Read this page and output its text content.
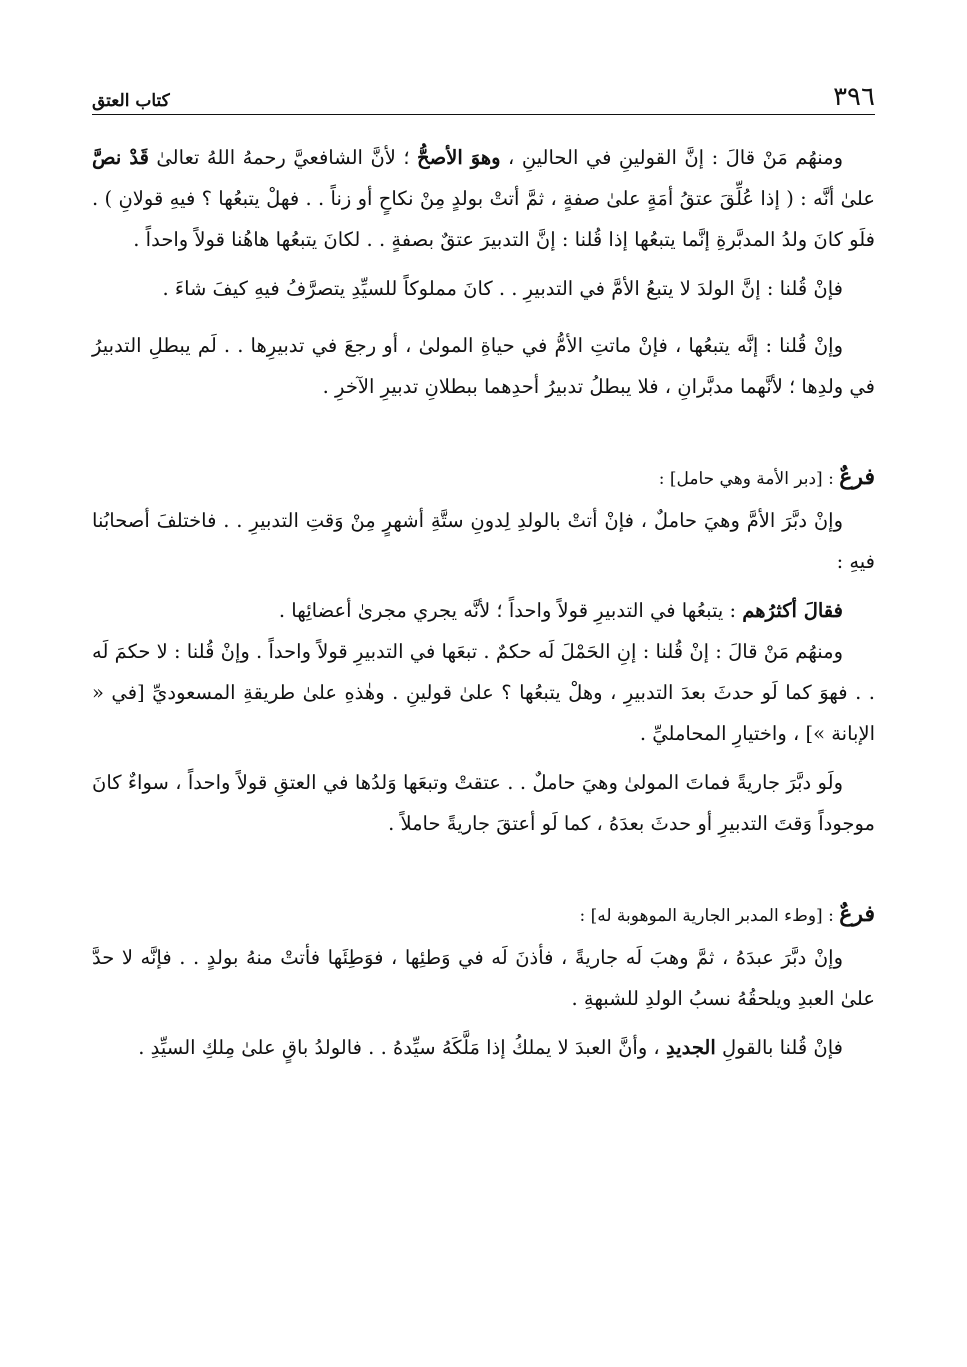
٣٩٦
كتاب العتق

ومنهُم مَنْ قالَ : إنَّ القولينِ في الحالينِ ، وهوَ الأصحُّ ؛ لأنَّ الشافعيَّ رحمهُ اللهُ تعالىٰ قَدْ نصَّ علىٰ أنَّه : ( إذا عُلِّقَ عتقُ أمَةٍ علىٰ صفةٍ ، ثمَّ أتتْ بولدٍ مِنْ نكاحٍ أو زناً . . فهلْ يتبعُها ؟ فيهِ قولانِ ) . فلَو كانَ ولدُ المدبَّرةِ إنَّما يتبعُها إذا قُلنا : إنَّ التدبيرَ عتقٌ بصفةٍ . . لكانَ يتبعُها هاهُنا قولاً واحداً .

فإنْ قُلنا : إنَّ الولدَ لا يتبعُ الأمَّ في التدبيرِ . . كانَ مملوكاً للسيِّدِ يتصرَّفُ فيهِ كيفَ شاءَ .

وإنْ قُلنا : إنَّه يتبعُها ، فإنْ ماتتِ الأمُّ في حياةِ المولىٰ ، أو رجعَ في تدبيرِها . . لَم يبطلِ التدبيرُ في ولدِها ؛ لأنَّهما مدبَّرانِ ، فلا يبطلُ تدبيرُ أحدِهما ببطلانِ تدبيرِ الآخرِ .

فرعٌ : [دبر الأمة وهي حامل] :

وإنْ دبَّرَ الأمَّ وهيَ حاملٌ ، فإنْ أتتْ بالولدِ لِدونِ ستَّةِ أشهرٍ مِنْ وَقتِ التدبيرِ . . فاختلفَ أصحابُنا فيهِ :

فقالَ أكثرُهم : يتبعُها في التدبيرِ قولاً واحداً ؛ لأنَّه يجري مجرىٰ أعضائِها .

ومنهُم مَنْ قالَ : إنْ قُلنا : إنِ الحَمْلَ لَه حكمٌ . تبعَها في التدبيرِ قولاً واحداً . وإنْ قُلنا : لا حكمَ لَه . . فهوَ كما لَو حدثَ بعدَ التدبيرِ ، وهلْ يتبعُها ؟ علىٰ قولينِ . وهٰذهِ علىٰ طريقةِ المسعوديِّ [في « الإبانة »] ، واختيارِ المحامليِّ .

ولَو دبَّرَ جاريةً فماتَ المولىٰ وهيَ حاملٌ . . عتقتْ وتبعَها وَلدُها في العتقِ قولاً واحداً ، سواءٌ كانَ موجوداً وَقتَ التدبيرِ أو حدثَ بعدَهُ ، كما لَو أعتقَ جاريةً حاملاً .

فرعٌ : [وطء المدبر الجارية الموهوبة له] :

وإنْ دبَّرَ عبدَهُ ، ثمَّ وهبَ لَه جاريةً ، فأذنَ لَه في وَطئِها ، فوَطِئَها فأتتْ منهُ بولدٍ . . فإنَّه لا حدَّ علىٰ العبدِ ويلحقُهُ نسبُ الولدِ للشبهةِ .

فإنْ قُلنا بالقولِ الجديدِ ، وأنَّ العبدَ لا يملكُ إذا مَلَّكَهُ سيِّدهُ . . فالولدُ باقٍ علىٰ مِلكِ السيِّدِ .
